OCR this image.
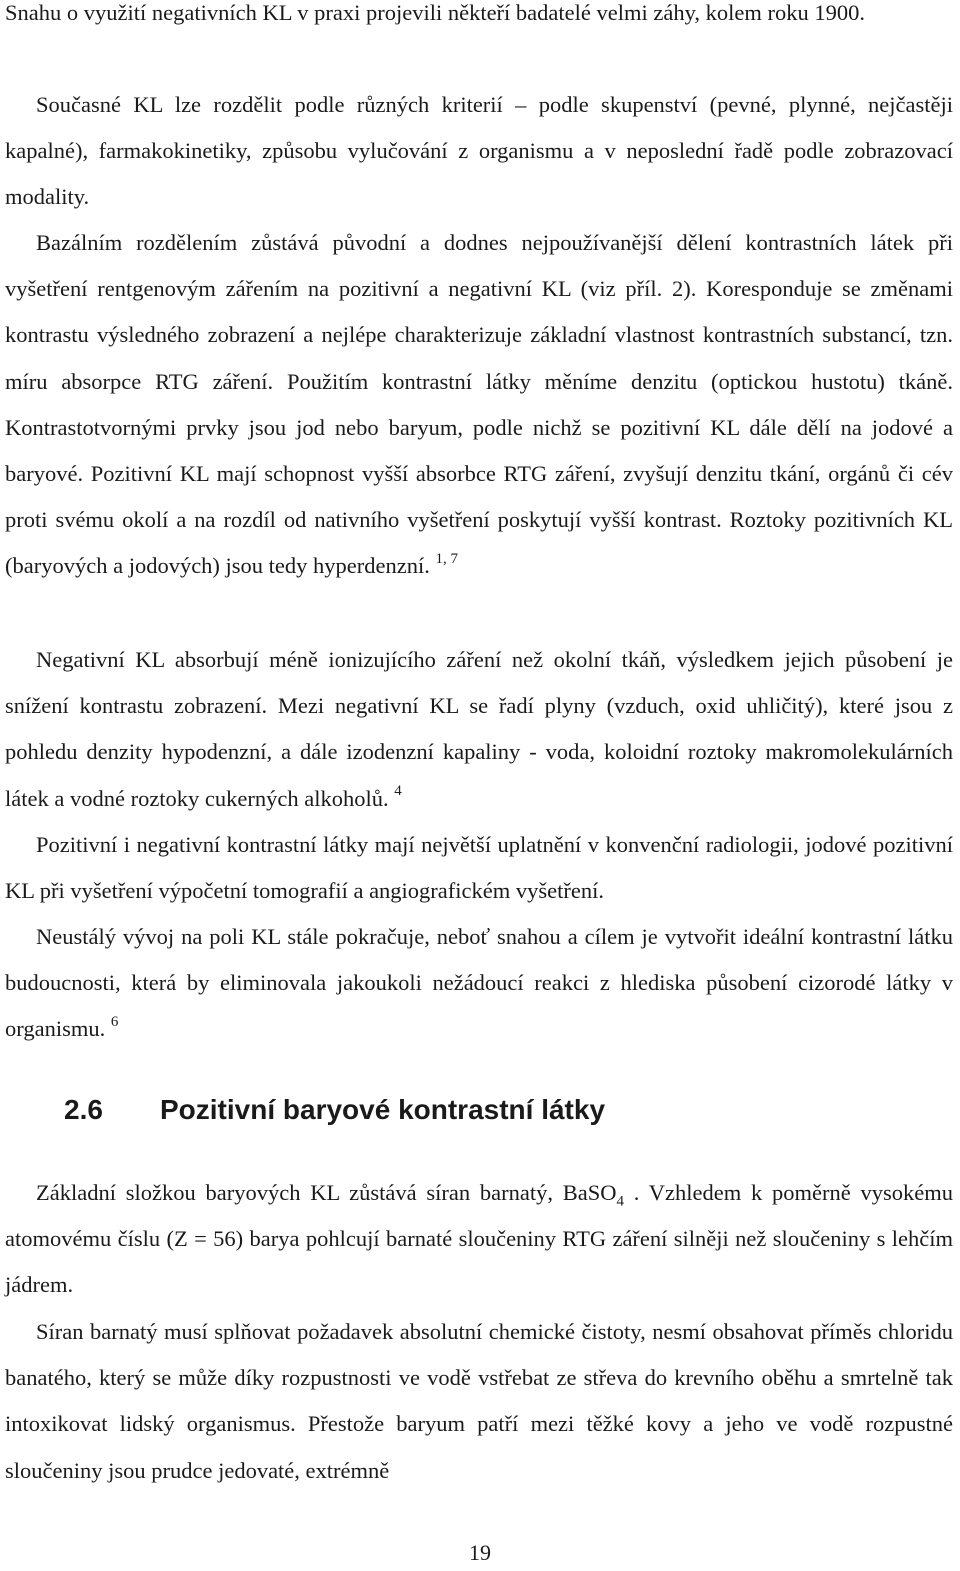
Snahu o využití negativních KL v praxi projevili někteří badatelé velmi záhy, kolem roku 1900.

Současné KL lze rozdělit podle různých kriterií – podle skupenství (pevné, plynné, nejčastěji kapalné), farmakokinetiky, způsobu vylučování z organismu a v neposlední řadě podle zobrazovací modality.

Bazálním rozdělením zůstává původní a dodnes nejpoužívanější dělení kontrastních látek při vyšetření rentgenovým zářením na pozitivní a negativní KL (viz příl. 2). Koresponduje se změnami kontrastu výsledného zobrazení a nejlépe charakterizuje základní vlastnost kontrastních substancí, tzn. míru absorpce RTG záření. Použitím kontrastní látky měníme denzitu (optickou hustotu) tkáně. Kontrastotvornými prvky jsou jod nebo baryum, podle nichž se pozitivní KL dále dělí na jodové a baryové. Pozitivní KL mají schopnost vyšší absorbce RTG záření, zvyšují denzitu tkání, orgánů či cév proti svému okolí a na rozdíl od nativního vyšetření poskytují vyšší kontrast. Roztoky pozitivních KL (baryových a jodových) jsou tedy hyperdenzní. $^{1, 7}$

Negativní KL absorbují méně ionizujícího záření než okolní tkáň, výsledkem jejich působení je snížení kontrastu zobrazení. Mezi negativní KL se řadí plyny (vzduch, oxid uhličitý), které jsou z pohledu denzity hypodenzní, a dále izodenzní kapaliny - voda, koloidní roztoky makromolekulárních látek a vodné roztoky cukerných alkoholů. $^4$

Pozitivní i negativní kontrastní látky mají největší uplatnění v konvenční radiologii, jodové pozitivní KL při vyšetření výpočetní tomografií a angiografickém vyšetření.

Neustálý vývoj na poli KL stále pokračuje, neboť snahou a cílem je vytvořit ideální kontrastní látku budoucnosti, která by eliminovala jakoukoli nežádoucí reakci z hlediska působení cizorodé látky v organismu. $^6$

2.6 Pozitivní baryové kontrastní látky

Základní složkou baryových KL zůstává síran barnatý, BaSO$_4$ . Vzhledem k poměrně vysokému atomovému číslu (Z = 56) barya pohlcují barnaté sloučeniny RTG záření silněji než sloučeniny s lehčím jádrem.

Síran barnatý musí splňovat požadavek absolutní chemické čistoty, nesmí obsahovat příměs chloridu banatého, který se může díky rozpustnosti ve vodě vstřebat ze střeva do krevního oběhu a smrtelně tak intoxikovat lidský organismus. Přestože baryum patří mezi těžké kovy a jeho ve vodě rozpustné sloučeniny jsou prudce jedovaté, extrémně

19
